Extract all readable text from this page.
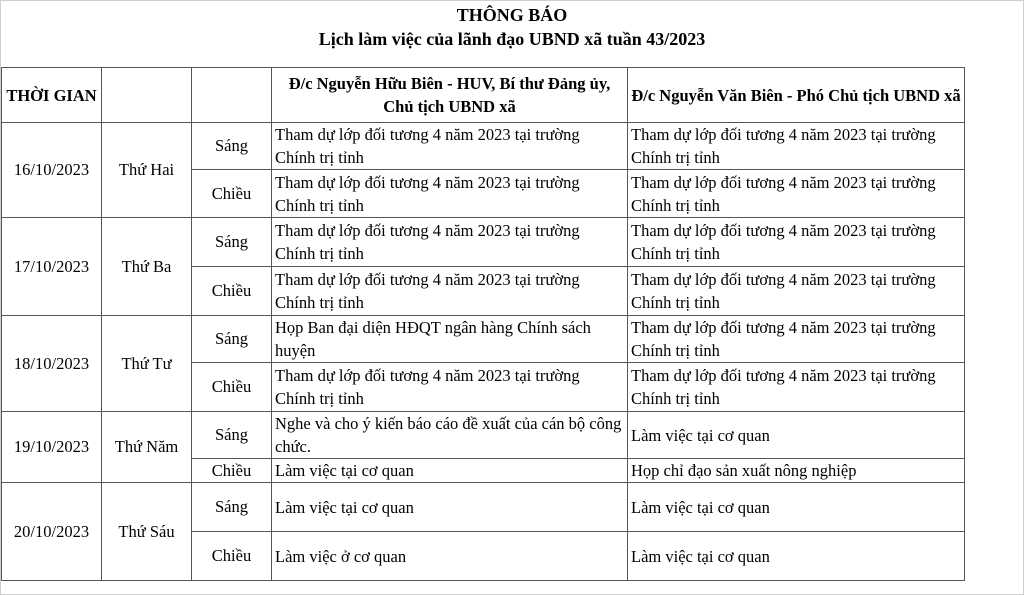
THÔNG BÁO
Lịch làm việc của lãnh đạo UBND xã tuần 43/2023
THỜI GIAN			Đ/c Nguyễn Hữu Biên - HUV, Bí thư Đảng ủy, Chủ tịch UBND xã	Đ/c Nguyễn Văn Biên - Phó Chủ tịch UBND xã
16/10/2023	Thứ Hai	Sáng	Tham dự lớp đối tương 4 năm 2023 tại trường Chính trị tỉnh	Tham dự lớp đối tương 4 năm 2023 tại trường Chính trị tỉnh
		Chiều	Tham dự lớp đối tương 4 năm 2023 tại trường Chính trị tỉnh	Tham dự lớp đối tương 4 năm 2023 tại trường Chính trị tỉnh
17/10/2023	Thứ Ba	Sáng	Tham dự lớp đối tương 4 năm 2023 tại trường Chính trị tỉnh	Tham dự lớp đối tương 4 năm 2023 tại trường Chính trị tỉnh
		Chiều	Tham dự lớp đối tương 4 năm 2023 tại trường Chính trị tỉnh	Tham dự lớp đối tương 4 năm 2023 tại trường Chính trị tỉnh
18/10/2023	Thứ Tư	Sáng	Họp Ban đại diện HĐQT ngân hàng Chính sách huyện	Tham dự lớp đối tương 4 năm 2023 tại trường Chính trị tỉnh
		Chiều	Tham dự lớp đối tương 4 năm 2023 tại trường Chính trị tỉnh	Tham dự lớp đối tương 4 năm 2023 tại trường Chính trị tỉnh
19/10/2023	Thứ Năm	Sáng	Nghe và cho ý kiến báo cáo đề xuất của cán bộ công chức.	Làm việc tại cơ quan
		Chiều	Làm việc tại cơ quan	Họp chỉ đạo sản xuất nông nghiệp
20/10/2023	Thứ Sáu	Sáng	Làm việc tại cơ quan	Làm việc tại cơ quan
		Chiều	Làm việc ở cơ quan	Làm việc tại cơ quan
